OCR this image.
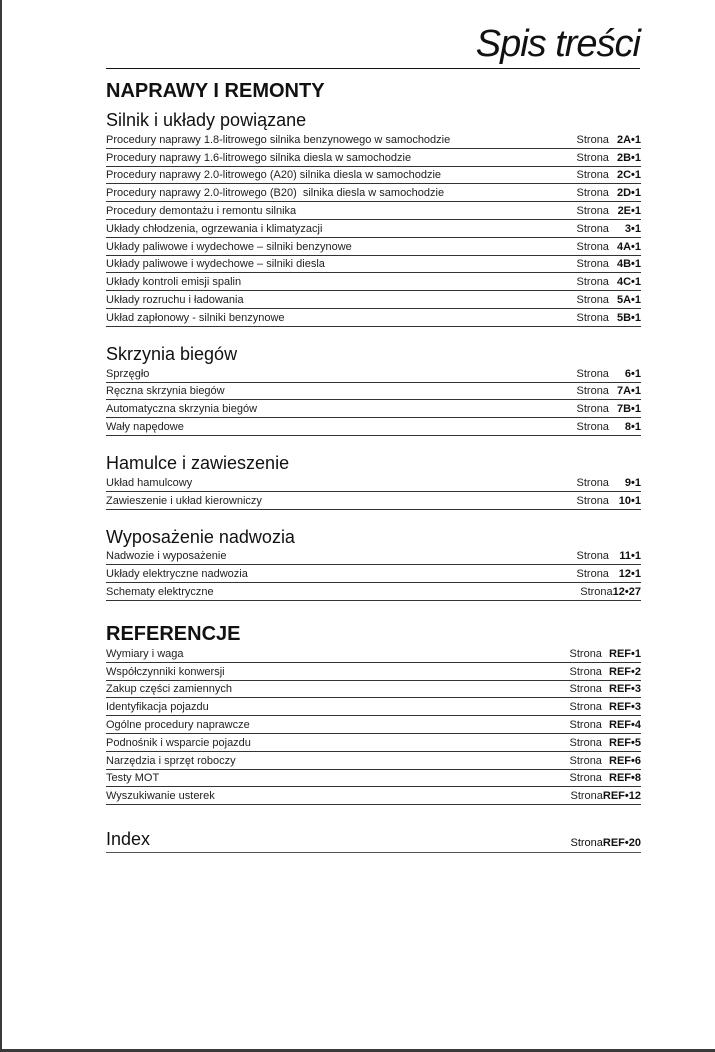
Spis treści
NAPRAWY I REMONTY
Silnik i układy powiązane
Procedury naprawy 1.8-litrowego silnika benzynowego w samochodzie	Strona 2A•1
Procedury naprawy 1.6-litrowego silnika diesla w samochodzie	Strona 2B•1
Procedury naprawy 2.0-litrowego (A20) silnika diesla w samochodzie	Strona 2C•1
Procedury naprawy 2.0-litrowego (B20)  silnika diesla w samochodzie	Strona 2D•1
Procedury demontażu i remontu silnika	Strona 2E•1
Układy chłodzenia, ogrzewania i klimatyzacji	Strona 3•1
Układy paliwowe i wydechowe – silniki benzynowe	Strona 4A•1
Układy paliwowe i wydechowe – silniki diesla	Strona 4B•1
Układy kontroli emisji spalin	Strona 4C•1
Układy rozruchu i ładowania	Strona 5A•1
Układ zapłonowy - silniki benzynowe	Strona 5B•1
Skrzynia biegów
Sprzęgło	Strona 6•1
Ręczna skrzynia biegów	Strona 7A•1
Automatyczna skrzynia biegów	Strona 7B•1
Wały napędowe	Strona 8•1
Hamulce i zawieszenie
Układ hamulcowy	Strona 9•1
Zawieszenie i układ kierowniczy	Strona 10•1
Wyposażenie nadwozia
Nadwozie i wyposażenie	Strona 11•1
Układy elektryczne nadwozia	Strona 12•1
Schematy elektryczne	Strona12•27
REFERENCJE
Wymiary i waga	Strona REF•1
Współczynniki konwersji	Strona REF•2
Zakup części zamiennych	Strona REF•3
Identyfikacja pojazdu	Strona REF•3
Ogólne procedury naprawcze	Strona REF•4
Podnośnik i wsparcie pojazdu	Strona REF•5
Narzędzia i sprzęt roboczy	Strona REF•6
Testy MOT	Strona REF•8
Wyszukiwanie usterek	StronaREF•12
Index	StronaREF•20
